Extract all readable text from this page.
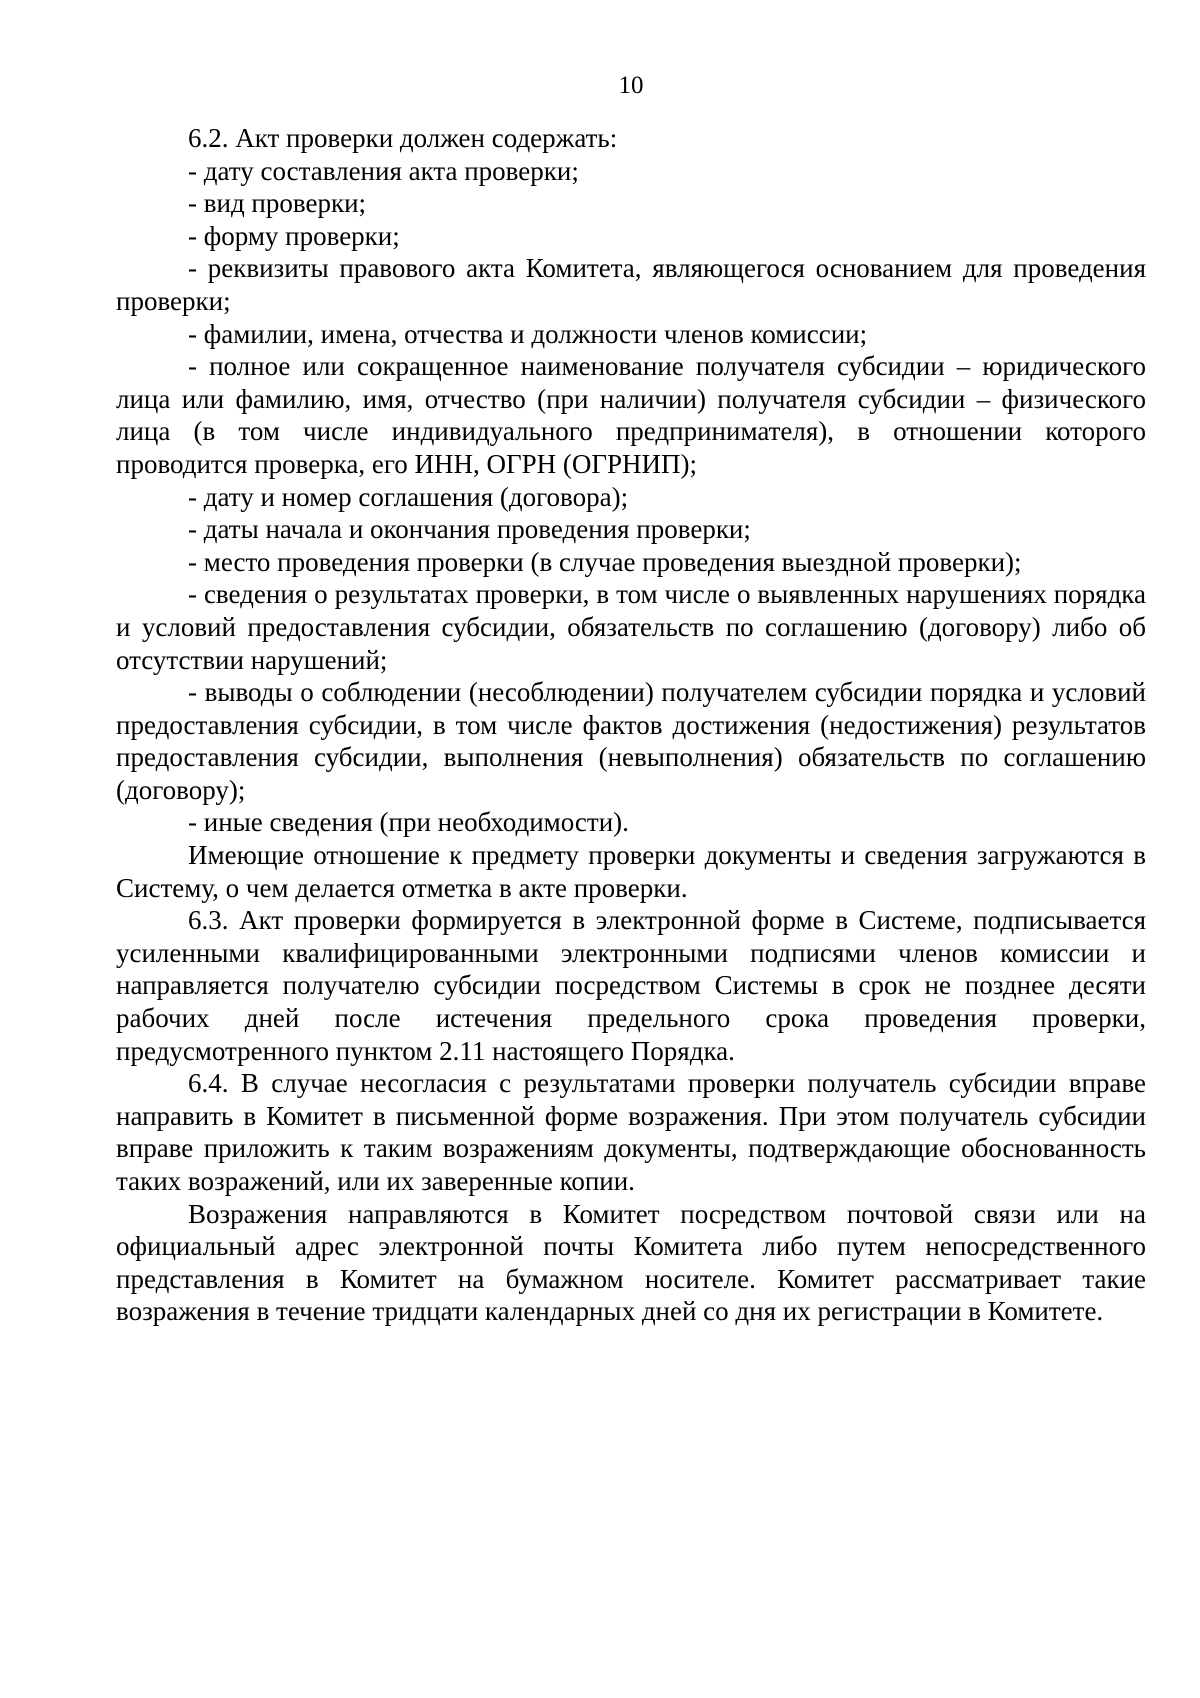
10

6.2. Акт проверки должен содержать:

- дату составления акта проверки;

- вид проверки;

- форму проверки;

- реквизиты правового акта Комитета, являющегося основанием для проведения проверки;

- фамилии, имена, отчества и должности членов комиссии;

- полное или сокращенное наименование получателя субсидии – юридического лица или фамилию, имя, отчество (при наличии) получателя субсидии – физического лица (в том числе индивидуального предпринимателя), в отношении которого проводится проверка, его ИНН, ОГРН (ОГРНИП);

- дату и номер соглашения (договора);

- даты начала и окончания проведения проверки;

- место проведения проверки (в случае проведения выездной проверки);

- сведения о результатах проверки, в том числе о выявленных нарушениях порядка и условий предоставления субсидии, обязательств по соглашению (договору) либо об отсутствии нарушений;

- выводы о соблюдении (несоблюдении) получателем субсидии порядка и условий предоставления субсидии, в том числе фактов достижения (недостижения) результатов предоставления субсидии, выполнения (невыполнения) обязательств по соглашению (договору);

- иные сведения (при необходимости).

Имеющие отношение к предмету проверки документы и сведения загружаются в Систему, о чем делается отметка в акте проверки.

6.3. Акт проверки формируется в электронной форме в Системе, подписывается усиленными квалифицированными электронными подписями членов комиссии и направляется получателю субсидии посредством Системы в срок не позднее десяти рабочих дней после истечения предельного срока проведения проверки, предусмотренного пунктом 2.11 настоящего Порядка.

6.4. В случае несогласия с результатами проверки получатель субсидии вправе направить в Комитет в письменной форме возражения. При этом получатель субсидии вправе приложить к таким возражениям документы, подтверждающие обоснованность таких возражений, или их заверенные копии.

Возражения направляются в Комитет посредством почтовой связи или на официальный адрес электронной почты Комитета либо путем непосредственного представления в Комитет на бумажном носителе. Комитет рассматривает такие возражения в течение тридцати календарных дней со дня их регистрации в Комитете.
